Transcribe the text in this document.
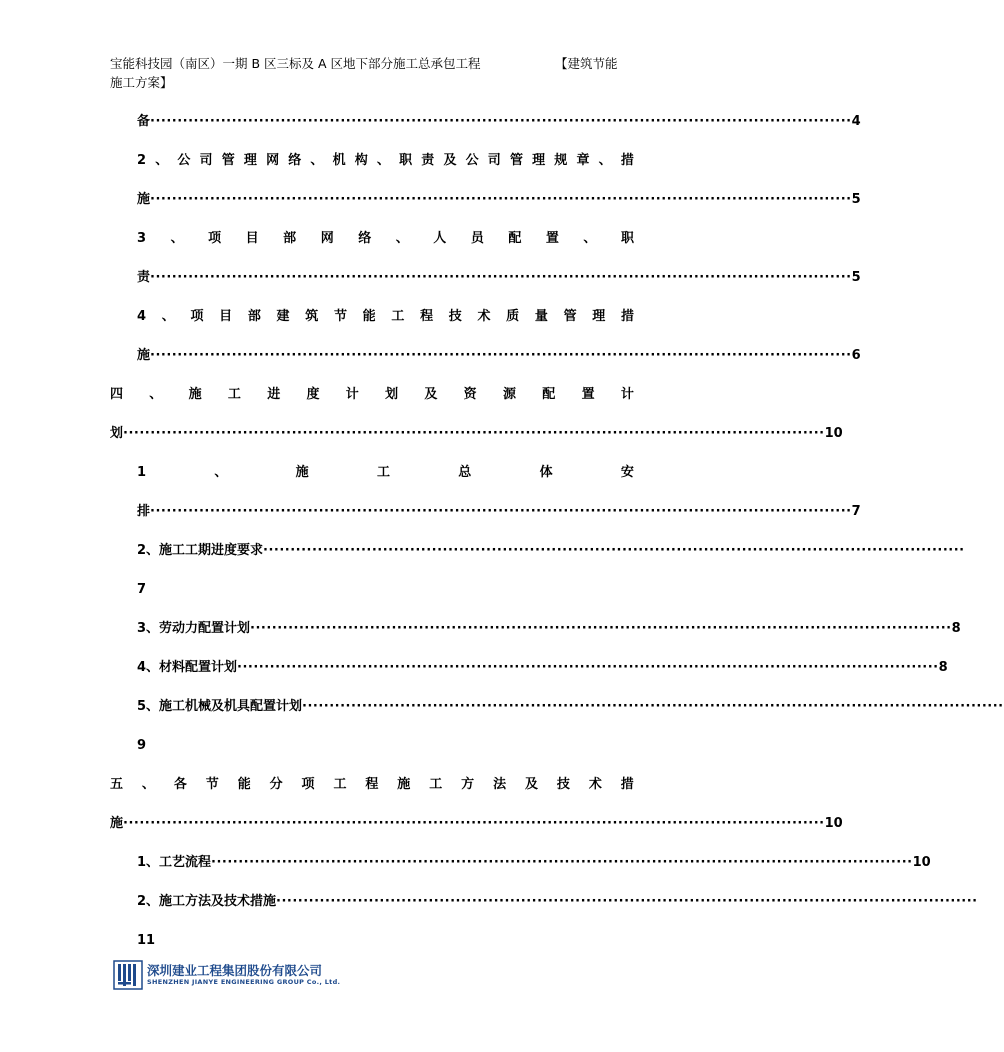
宝能科技园（南区）一期 B 区三标及 A 区地下部分施工总承包工程	【建筑节能
施工方案】
备 ································································································································· 4
2 、 公 司 管 理 网 络 、 机 构 、 职 责 及 公 司 管 理 规 章 、 措
施 ································································································································· 5
3 、 项 目 部 网 络 、 人 员 配 置 、 职
责 ································································································································· 5
4 、 项 目 部 建 筑 节 能 工 程 技 术 质 量 管 理 措
施 ································································································································· 6
四 、 施 工 进 度 计 划 及 资 源 配 置 计
划 ································································································································· 10
1	、	施	工	总	体	安
排 ································································································································· 7
2、施工工期进度要求 ·································································································································
7
3、劳动力配置计划 ································································································································· 8
4、材料配置计划 ································································································································· 8
5、施工机械及机具配置计划 ·································································································································
9
五 、 各 节 能 分 项 工 程 施 工 方 法 及 技 术 措
施 ································································································································· 10
1、工艺流程 ································································································································· 10
2、施工方法及技术措施 ·································································································································
11
深圳建业工程集团股份有限公司
SHENZHEN JIANYE ENGINEERING GROUP Co., Ltd.
